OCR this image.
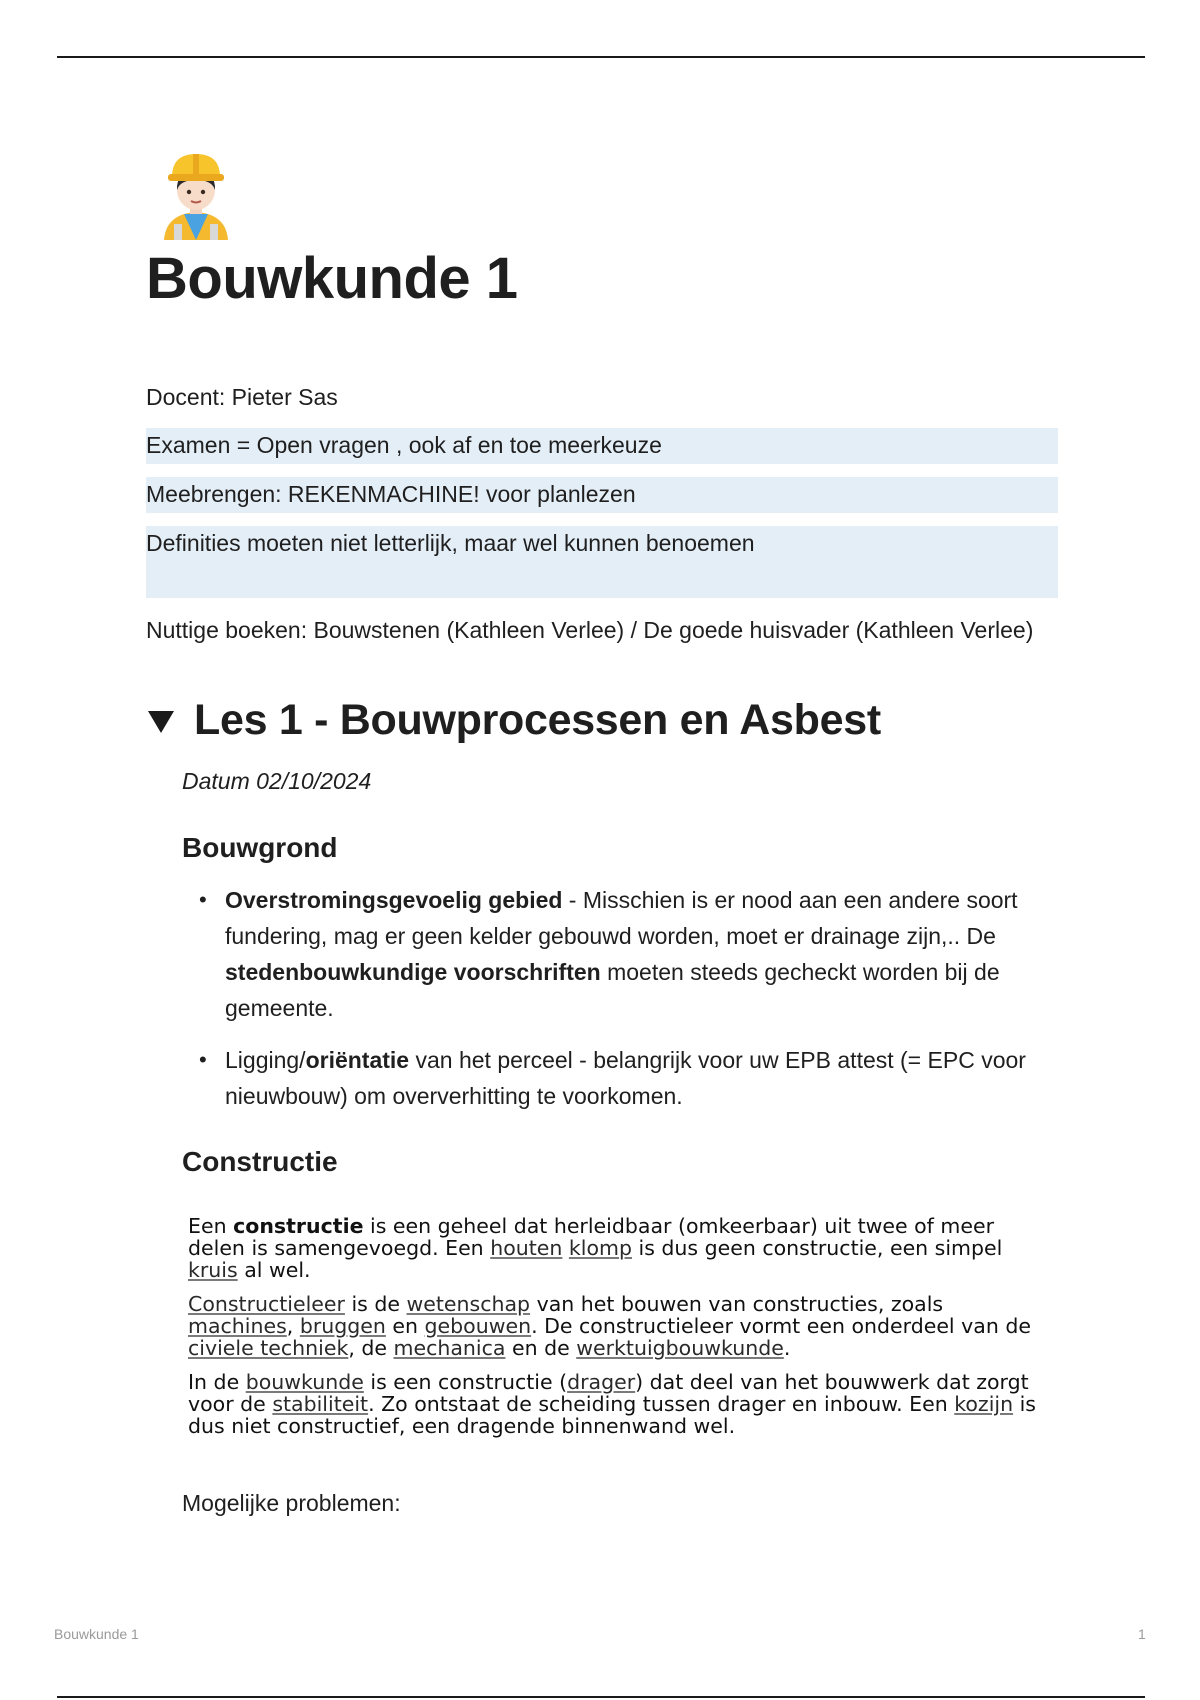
Bouwkunde 1
Docent: Pieter Sas
Examen = Open vragen , ook af en toe meerkeuze
Meebrengen: REKENMACHINE! voor planlezen
Definities moeten niet letterlijk, maar wel kunnen benoemen
Nuttige boeken: Bouwstenen (Kathleen Verlee) / De goede huisvader (Kathleen Verlee)
Les 1 - Bouwprocessen en Asbest
Datum 02/10/2024
Bouwgrond
• Overstromingsgevoelig gebied - Misschien is er nood aan een andere soort fundering, mag er geen kelder gebouwd worden, moet er drainage zijn,.. De stedenbouwkundige voorschriften moeten steeds gecheckt worden bij de gemeente.
• Ligging/oriëntatie van het perceel - belangrijk voor uw EPB attest (= EPC voor nieuwbouw) om oververhitting te voorkomen.
Constructie

Een constructie is een geheel dat herleidbaar (omkeerbaar) uit twee of meer delen is samengevoegd. Een houten klomp is dus geen constructie, een simpel kruis al wel.

Constructieleer is de wetenschap van het bouwen van constructies, zoals machines, bruggen en gebouwen. De constructieleer vormt een onderdeel van de civiele techniek, de mechanica en de werktuigbouwkunde.

In de bouwkunde is een constructie (drager) dat deel van het bouwwerk dat zorgt voor de stabiliteit. Zo ontstaat de scheiding tussen drager en inbouw. Een kozijn is dus niet constructief, een dragende binnenwand wel.

Mogelijke problemen:
Bouwkunde 1	1
